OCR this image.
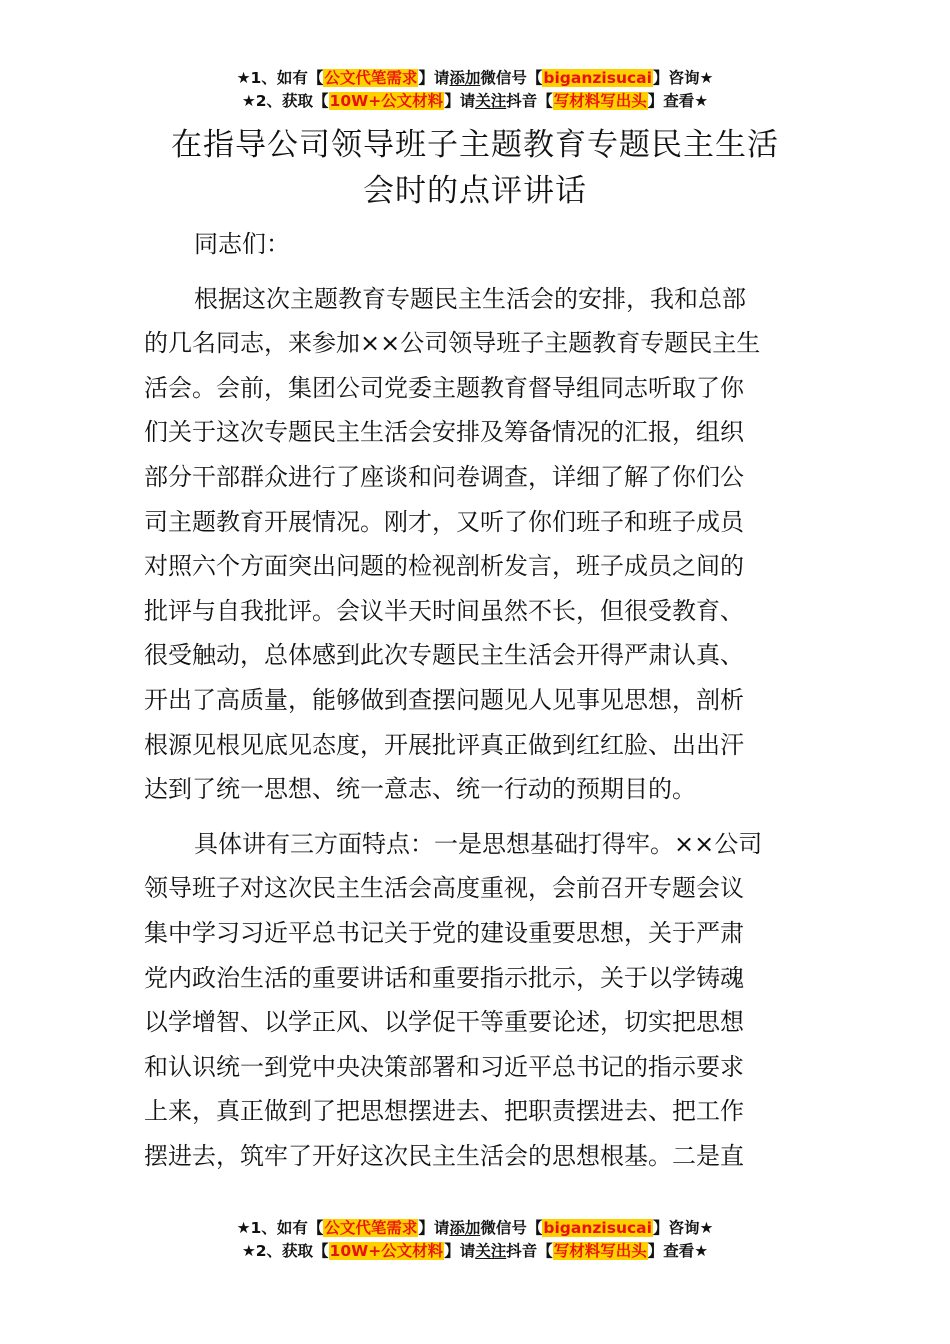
★1、如有【公文代笔需求】请添加微信号【biganzisucai】咨询★
★2、获取【10W+公文材料】请关注抖音【写材料写出头】查看★
在指导公司领导班子主题教育专题民主生活
会时的点评讲话
同志们：
根据这次主题教育专题民主生活会的安排，我和总部
的几名同志，来参加××公司领导班子主题教育专题民主生
活会。会前，集团公司党委主题教育督导组同志听取了你
们关于这次专题民主生活会安排及筹备情况的汇报，组织
部分干部群众进行了座谈和问卷调查，详细了解了你们公
司主题教育开展情况。刚才，又听了你们班子和班子成员
对照六个方面突出问题的检视剖析发言，班子成员之间的
批评与自我批评。会议半天时间虽然不长，但很受教育、
很受触动，总体感到此次专题民主生活会开得严肃认真、
开出了高质量，能够做到查摆问题见人见事见思想，剖析
根源见根见底见态度，开展批评真正做到红红脸、出出汗
达到了统一思想、统一意志、统一行动的预期目的。
具体讲有三方面特点：一是思想基础打得牢。××公司
领导班子对这次民主生活会高度重视，会前召开专题会议
集中学习习近平总书记关于党的建设重要思想，关于严肃
党内政治生活的重要讲话和重要指示批示，关于以学铸魂
以学增智、以学正风、以学促干等重要论述，切实把思想
和认识统一到党中央决策部署和习近平总书记的指示要求
上来，真正做到了把思想摆进去、把职责摆进去、把工作
摆进去，筑牢了开好这次民主生活会的思想根基。二是直
★1、如有【公文代笔需求】请添加微信号【biganzisucai】咨询★
★2、获取【10W+公文材料】请关注抖音【写材料写出头】查看★
